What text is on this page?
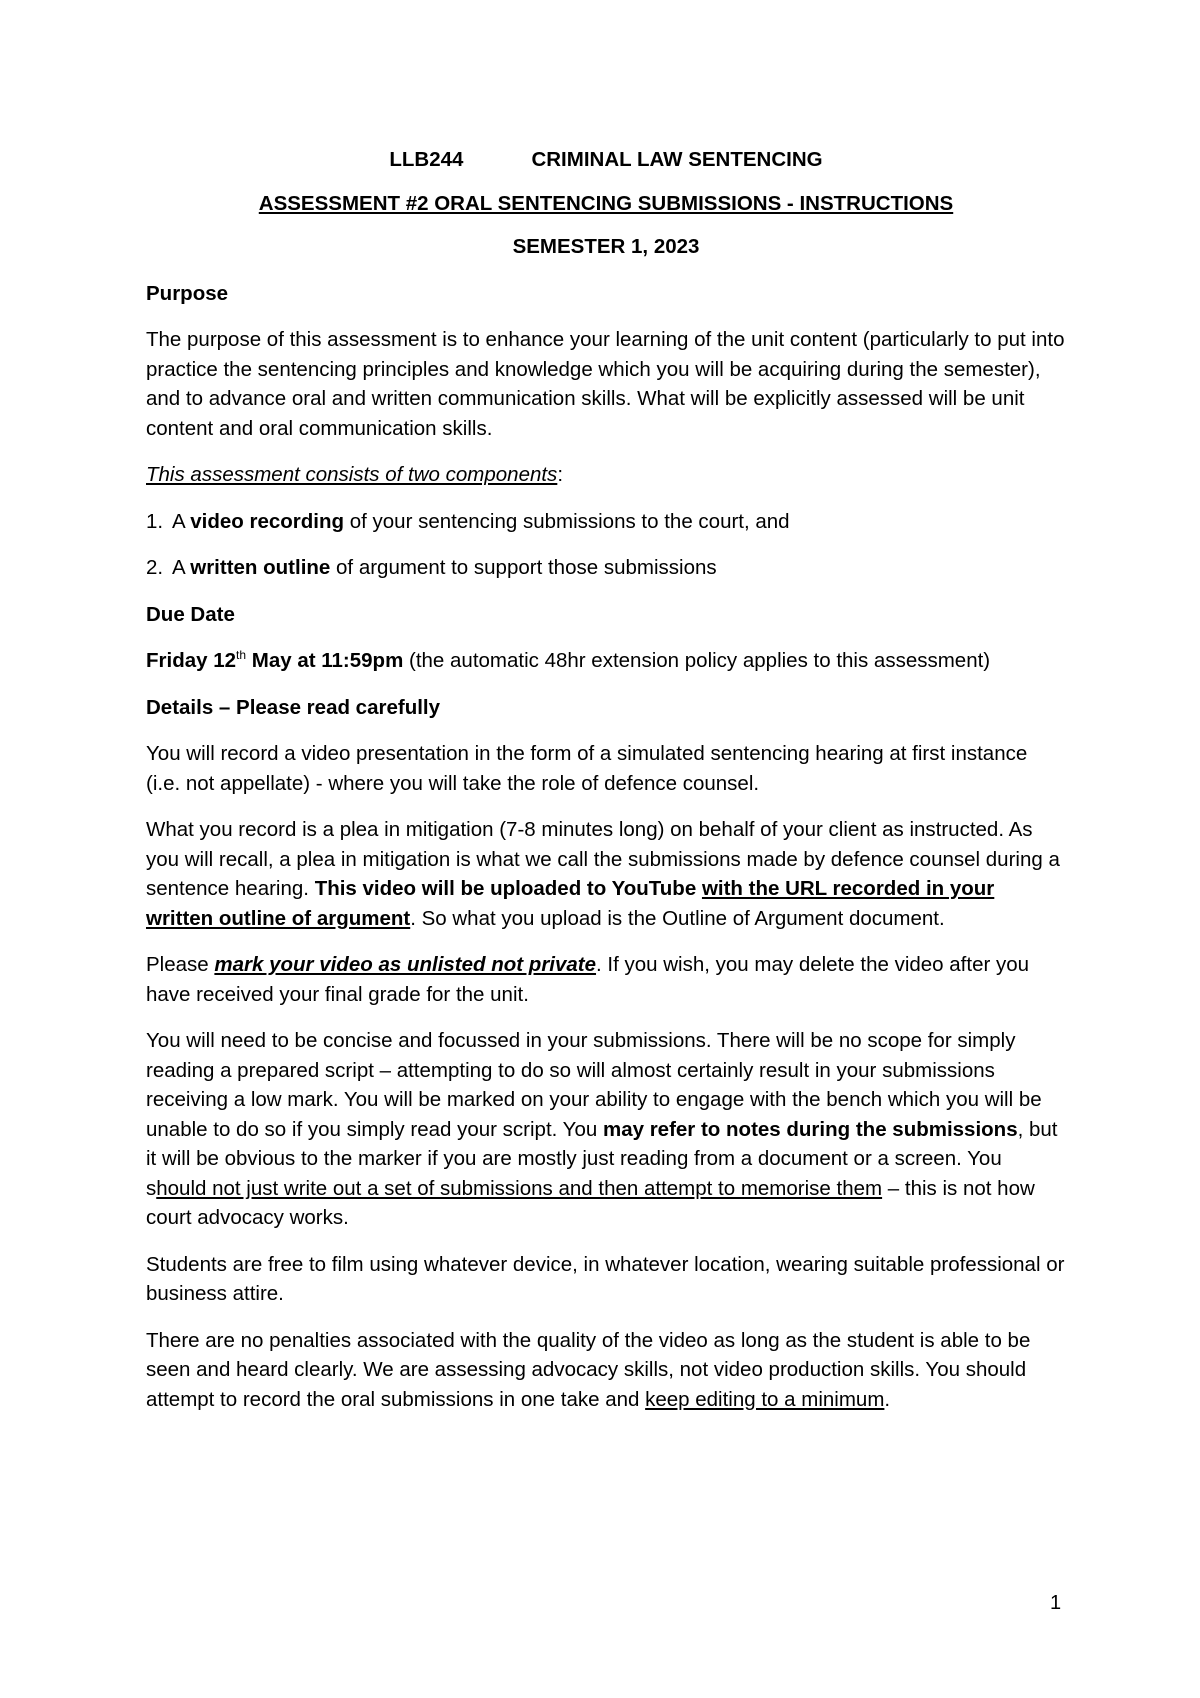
LLB244	CRIMINAL LAW SENTENCING
ASSESSMENT #2 ORAL SENTENCING SUBMISSIONS - INSTRUCTIONS
SEMESTER 1, 2023
Purpose

The purpose of this assessment is to enhance your learning of the unit content (particularly to put into practice the sentencing principles and knowledge which you will be acquiring during the semester), and to advance oral and written communication skills. What will be explicitly assessed will be unit content and oral communication skills.

This assessment consists of two components:

1. A video recording of your sentencing submissions to the court, and
2. A written outline of argument to support those submissions
Due Date

Friday 12th May at 11:59pm (the automatic 48hr extension policy applies to this assessment)

Details – Please read carefully

You will record a video presentation in the form of a simulated sentencing hearing at first instance (i.e. not appellate) - where you will take the role of defence counsel.

What you record is a plea in mitigation (7-8 minutes long) on behalf of your client as instructed. As you will recall, a plea in mitigation is what we call the submissions made by defence counsel during a sentence hearing. This video will be uploaded to YouTube with the URL recorded in your written outline of argument. So what you upload is the Outline of Argument document.

Please mark your video as unlisted not private. If you wish, you may delete the video after you have received your final grade for the unit.

You will need to be concise and focussed in your submissions. There will be no scope for simply reading a prepared script – attempting to do so will almost certainly result in your submissions receiving a low mark. You will be marked on your ability to engage with the bench which you will be unable to do so if you simply read your script. You may refer to notes during the submissions, but it will be obvious to the marker if you are mostly just reading from a document or a screen. You should not just write out a set of submissions and then attempt to memorise them – this is not how court advocacy works.

Students are free to film using whatever device, in whatever location, wearing suitable professional or business attire.

There are no penalties associated with the quality of the video as long as the student is able to be seen and heard clearly. We are assessing advocacy skills, not video production skills. You should attempt to record the oral submissions in one take and keep editing to a minimum.

1
